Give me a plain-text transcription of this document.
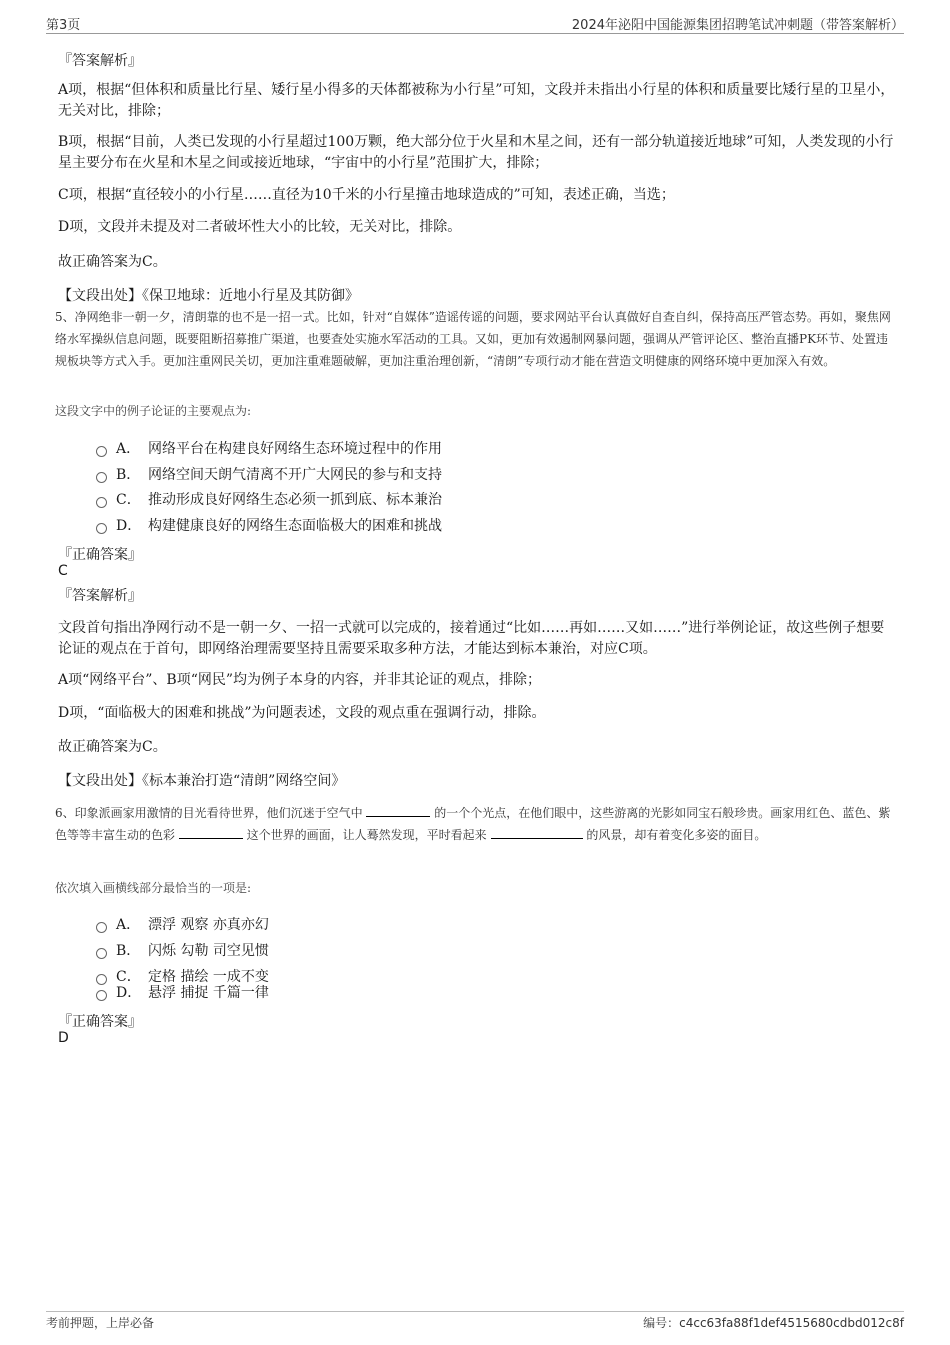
第3页	2024年泌阳中国能源集团招聘笔试冲刺题（带答案解析）
『答案解析』
A项，根据“但体积和质量比行星、矮行星小得多的天体都被称为小行星”可知，文段并未指出小行星的体积和质量要比矮行星的卫星小，无关对比，排除；
B项，根据“目前，人类已发现的小行星超过100万颗，绝大部分位于火星和木星之间，还有一部分轨道接近地球”可知，人类发现的小行星主要分布在火星和木星之间或接近地球，“宇宙中的小行星”范围扩大，排除；
C项，根据“直径较小的小行星……直径为10千米的小行星撞击地球造成的”可知，表述正确，当选；
D项，文段并未提及对二者破坏性大小的比较，无关对比，排除。
故正确答案为C。
【文段出处】《保卫地球：近地小行星及其防御》
5、净网绝非一朝一夕，清朗靠的也不是一招一式。比如，针对“自媒体”造谣传谣的问题，要求网站平台认真做好自查自纠，保持高压严管态势。再如，聚焦网络水军操纵信息问题，既要阻断招募推广渠道，也要查处实施水军活动的工具。又如，更加有效遏制网暴问题，强调从严管评论区、整治直播PK环节、处置违规板块等方式入手。更加注重网民关切，更加注重难题破解，更加注重治理创新，“清朗”专项行动才能在营造文明健康的网络环境中更加深入有效。
这段文字中的例子论证的主要观点为:
A． 网络平台在构建良好网络生态环境过程中的作用
B． 网络空间天朗气清离不开广大网民的参与和支持
C． 推动形成良好网络生态必须一抓到底、标本兼治
D． 构建健康良好的网络生态面临极大的困难和挑战
『正确答案』
C
『答案解析』
文段首句指出净网行动不是一朝一夕、一招一式就可以完成的，接着通过“比如……再如……又如……”进行举例论证，故这些例子想要论证的观点在于首句，即网络治理需要坚持且需要采取多种方法，才能达到标本兼治，对应C项。
A项“网络平台”、B项“网民”均为例子本身的内容，并非其论证的观点，排除；
D项，“面临极大的困难和挑战”为问题表述，文段的观点重在强调行动，排除。
故正确答案为C。
【文段出处】《标本兼治打造“清朗”网络空间》
6、印象派画家用激情的目光看待世界，他们沉迷于空气中	的一个个光点，在他们眼中，这些游离的光影如同宝石般珍贵。画家用红色、蓝色、紫色等等丰富生动的色彩	这个世界的画面，让人蓦然发现，平时看起来	的风景，却有着变化多姿的面目。
依次填入画横线部分最恰当的一项是:
A． 漂浮 观察 亦真亦幻
B． 闪烁 勾勒 司空见惯
C． 定格 描绘 一成不变
D． 悬浮 捕捉 千篇一律
『正确答案』
D
考前押题，上岸必备	编号：c4cc63fa88f1def4515680cdbd012c8f
